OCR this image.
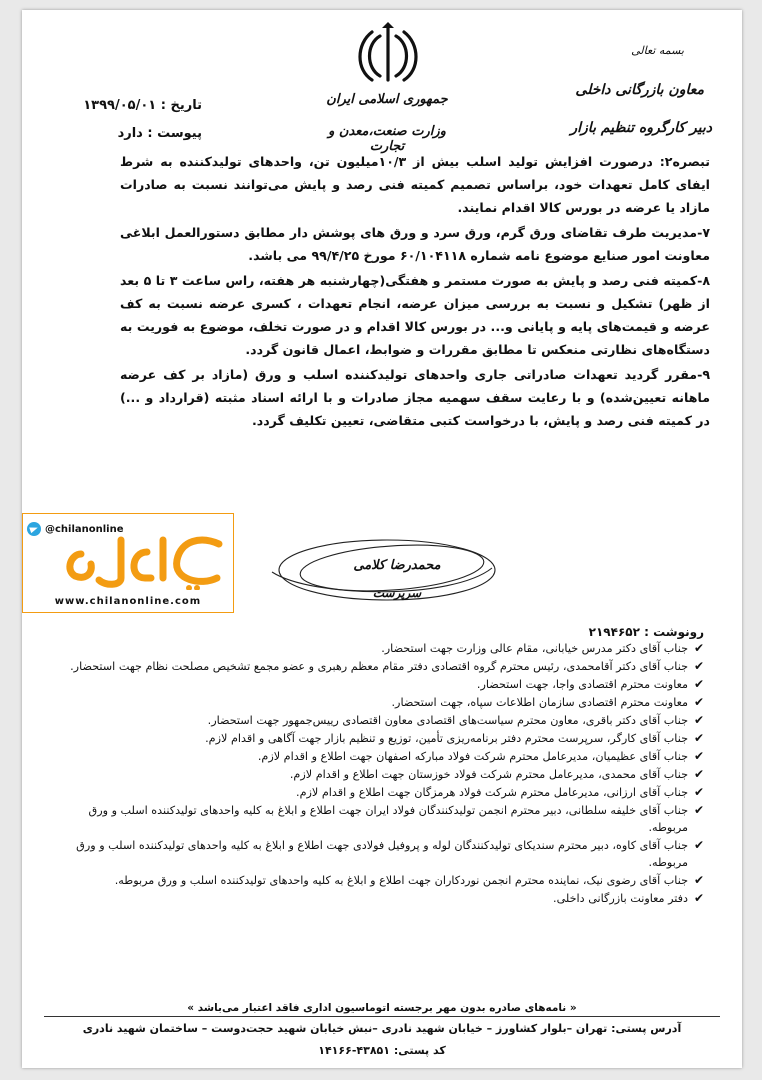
بسمه تعالی
معاون بازرگانی داخلی
دبیر کارگروه تنظیم بازار
جمهوری اسلامی ایران
وزارت صنعت،معدن و تجارت
تاریخ : ۱۳۹۹/۰۵/۰۱
پیوست : دارد

تبصره۲: درصورت افزایش تولید اسلب بیش از ۱۰/۳میلیون تن، واحدهای تولیدکننده به شرط ایفای کامل تعهدات خود، براساس تصمیم کمیته فنی رصد و پایش می‌توانند نسبت به صادرات مازاد یا عرضه در بورس کالا اقدام نمایند.

۷-مدیریت طرف تقاضای ورق گرم، ورق سرد و ورق های پوشش دار مطابق دستورالعمل ابلاغی معاونت امور صنایع موضوع نامه شماره ۶۰/۱۰۴۱۱۸ مورخ ۹۹/۴/۲۵ می باشد.

۸-کمیته فنی رصد و پایش به صورت مستمر و هفتگی(چهارشنبه هر هفته، راس ساعت ۳ تا ۵ بعد از ظهر) تشکیل و نسبت به بررسی میزان عرضه، انجام تعهدات ، کسری عرضه نسبت به کف عرضه و قیمت‌های پایه و پایانی و... در بورس کالا اقدام و در صورت تخلف، موضوع به فوریت به دستگاه‌های نظارتی منعکس تا مطابق مقررات و ضوابط، اعمال قانون گردد.

۹-مقرر گردید تعهدات صادراتی جاری واحدهای تولیدکننده اسلب و ورق (مازاد بر کف عرضه ماهانه تعیین‌شده) و با رعایت سقف سهمیه مجاز صادرات و با ارائه اسناد مثبته (قرارداد و ...) در کمیته فنی رصد و پایش، با درخواست کتبی متقاضی، تعیین تکلیف گردد.

محمدرضا کلامی
سرپرست
@chilanonline
www.chilanonline.com
رونوشت : ۲۱۹۴۶۵۲
✔
جناب آقای دکتر مدرس خیابانی، مقام عالی وزارت جهت استحضار.
✔
جناب آقای دکتر آقامحمدی، رئیس محترم گروه اقتصادی دفتر مقام معظم رهبری و عضو مجمع تشخیص مصلحت نظام جهت استحضار.
✔
معاونت محترم اقتصادی واجا، جهت استحضار.
✔
معاونت محترم اقتصادی سازمان اطلاعات سپاه، جهت استحضار.
✔
جناب آقای دکتر باقری، معاون محترم سیاست‌های اقتصادی معاون اقتصادی رییس‌جمهور جهت استحضار.
✔
جناب آقای کارگر، سرپرست محترم دفتر برنامه‌ریزی تأمین، توزیع و تنظیم بازار جهت آگاهی و اقدام لازم.
✔
جناب آقای عظیمیان، مدیرعامل محترم شرکت فولاد مبارکه اصفهان جهت اطلاع و اقدام لازم.
✔
جناب آقای محمدی، مدیرعامل محترم شرکت فولاد خوزستان جهت اطلاع و اقدام لازم.
✔
جناب آقای ارزانی، مدیرعامل محترم شرکت فولاد هرمزگان جهت اطلاع و اقدام لازم.
✔
جناب آقای خلیفه سلطانی، دبیر محترم انجمن تولیدکنندگان فولاد ایران جهت اطلاع و ابلاغ به کلیه واحدهای تولیدکننده اسلب و ورق مربوطه.
✔
جناب آقای کاوه، دبیر محترم سندیکای تولیدکنندگان لوله و پروفیل فولادی جهت اطلاع و ابلاغ به کلیه واحدهای تولیدکننده اسلب و ورق مربوطه.
✔
جناب آقای رضوی نیک، نماینده محترم انجمن نوردکاران جهت اطلاع و ابلاغ به کلیه واحدهای تولیدکننده اسلب و ورق مربوطه.
✔
دفتر معاونت بازرگانی داخلی.
« نامه‌های صادره بدون مهر برجسته اتوماسیون اداری فاقد اعتبار می‌باشد »
آدرس پستی: تهران –بلوار کشاورز – خیابان شهید نادری –نبش خیابان شهید حجت‌دوست – ساختمان شهید نادری
کد پستی: ۴۳۸۵۱-۱۴۱۶۶
